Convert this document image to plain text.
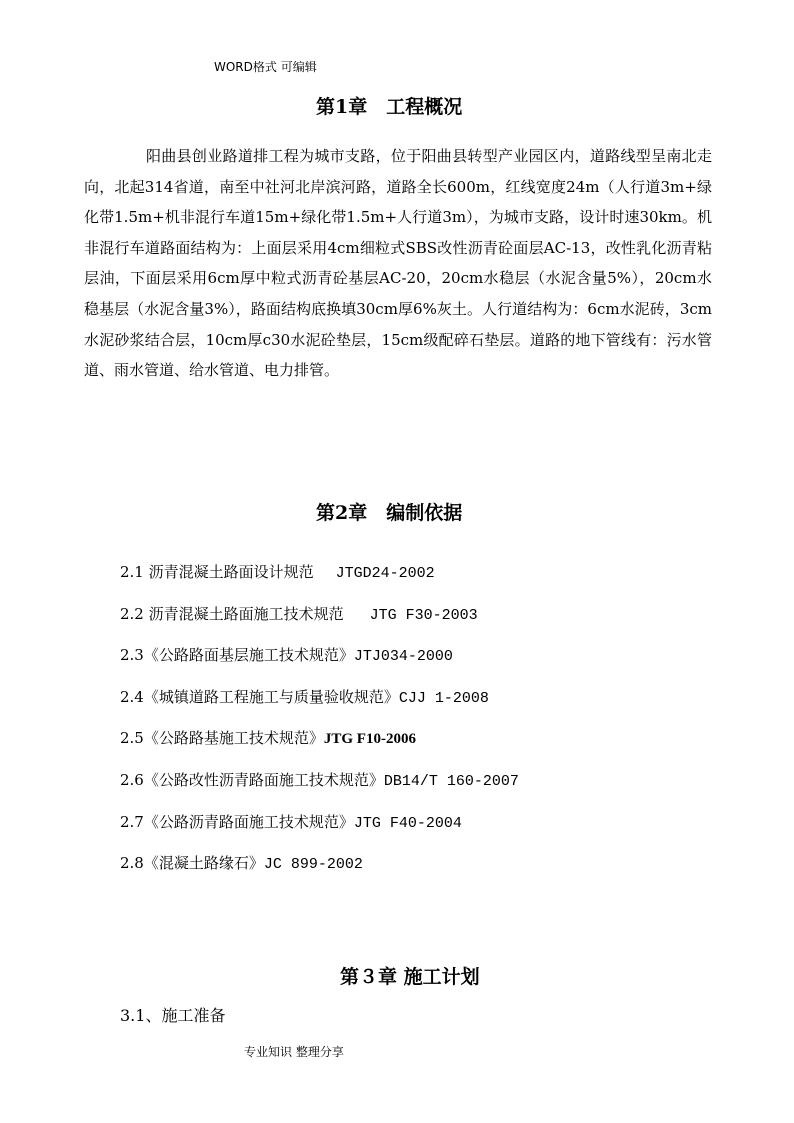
WORD格式 可编辑
第1章　工程概况
阳曲县创业路道排工程为城市支路，位于阳曲县转型产业园区内，道路线型呈南北走向，北起314省道，南至中社河北岸滨河路，道路全长600m，红线宽度24m（人行道3m+绿化带1.5m+机非混行车道15m+绿化带1.5m+人行道3m），为城市支路，设计时速30km。机非混行车道路面结构为：上面层采用4cm细粒式SBS改性沥青砼面层AC-13，改性乳化沥青粘层油，下面层采用6cm厚中粒式沥青砼基层AC-20，20cm水稳层（水泥含量5%），20cm水稳基层（水泥含量3%），路面结构底换填30cm厚6%灰土。人行道结构为：6cm水泥砖，3cm水泥砂浆结合层，10cm厚c30水泥砼垫层，15cm级配碎石垫层。道路的地下管线有：污水管道、雨水管道、给水管道、电力排管。
第2章　编制依据
2.1 沥青混凝土路面设计规范 JTGD24-2002
2.2 沥青混凝土路面施工技术规范 JTG F30-2003
2.3《公路路面基层施工技术规范》JTJ034-2000
2.4《城镇道路工程施工与质量验收规范》CJJ 1-2008
2.5《公路路基施工技术规范》JTG F10-2006
2.6《公路改性沥青路面施工技术规范》DB14/T 160-2007
2.7《公路沥青路面施工技术规范》JTG F40-2004
2.8《混凝土路缘石》JC 899-2002
第３章 施工计划
3.1、施工准备
专业知识 整理分享
